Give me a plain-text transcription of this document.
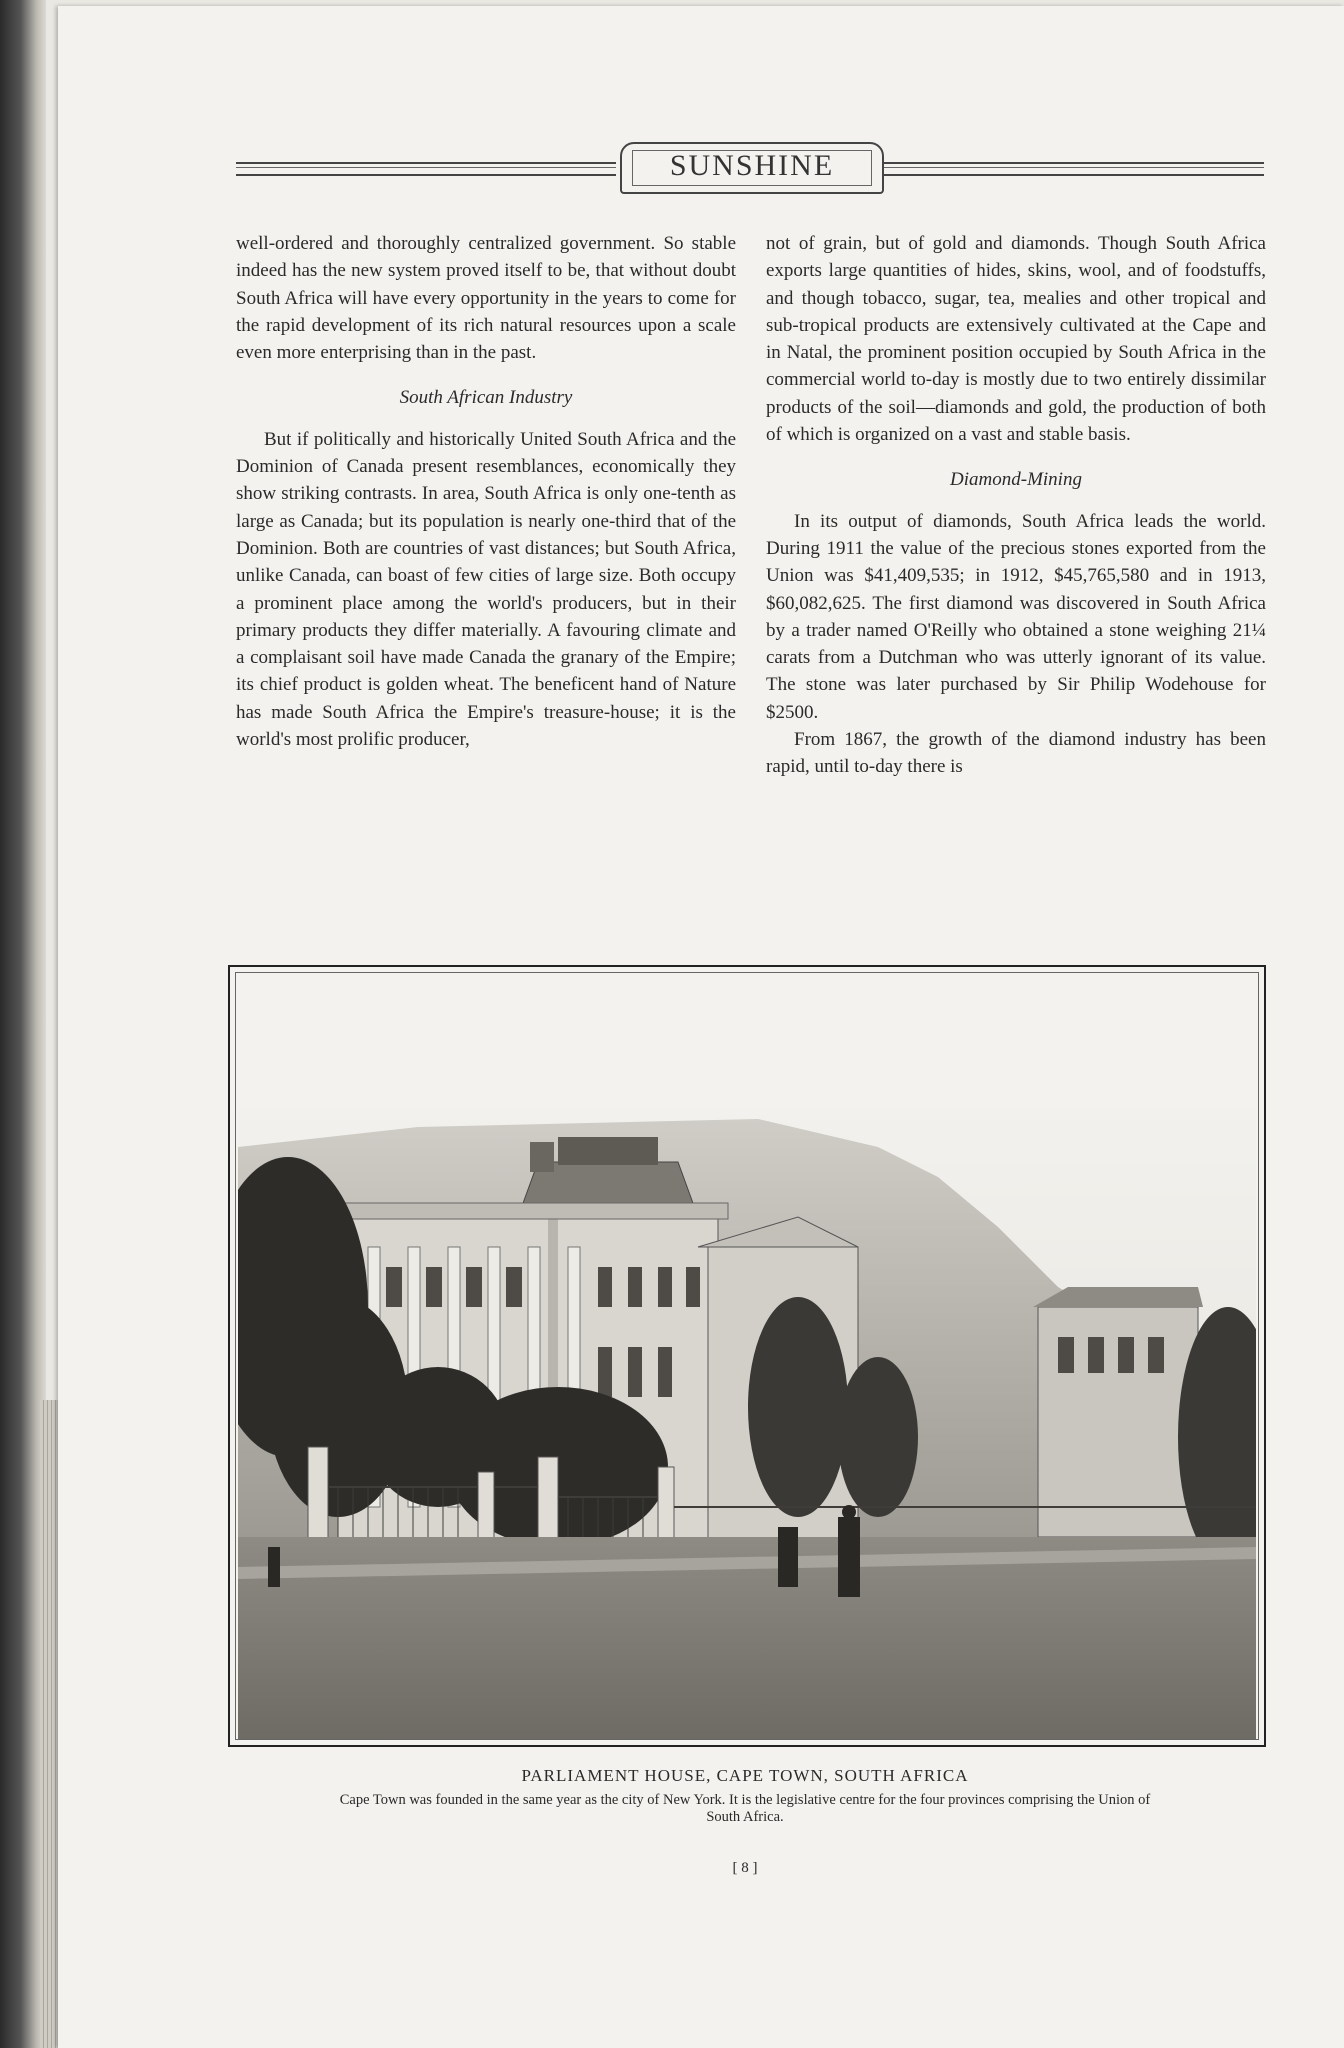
SUNSHINE

well-ordered and thoroughly centralized government. So stable indeed has the new system proved itself to be, that without doubt South Africa will have every opportunity in the years to come for the rapid development of its rich natural resources upon a scale even more enterprising than in the past.

South African Industry

But if politically and historically United South Africa and the Dominion of Canada present resemblances, economically they show striking contrasts. In area, South Africa is only one-tenth as large as Canada; but its population is nearly one-third that of the Dominion. Both are countries of vast distances; but South Africa, unlike Canada, can boast of few cities of large size. Both occupy a prominent place among the world's producers, but in their primary products they differ materially. A favouring climate and a complaisant soil have made Canada the granary of the Empire; its chief product is golden wheat. The beneficent hand of Nature has made South Africa the Empire's treasure-house; it is the world's most prolific producer,

not of grain, but of gold and diamonds. Though South Africa exports large quantities of hides, skins, wool, and of foodstuffs, and though tobacco, sugar, tea, mealies and other tropical and sub-tropical products are extensively cultivated at the Cape and in Natal, the prominent position occupied by South Africa in the commercial world to-day is mostly due to two entirely dissimilar products of the soil—diamonds and gold, the production of both of which is organized on a vast and stable basis.

Diamond-Mining

In its output of diamonds, South Africa leads the world. During 1911 the value of the precious stones exported from the Union was $41,409,535; in 1912, $45,765,580 and in 1913, $60,082,625. The first diamond was discovered in South Africa by a trader named O'Reilly who obtained a stone weighing 21¼ carats from a Dutchman who was utterly ignorant of its value. The stone was later purchased by Sir Philip Wodehouse for $2500.

From 1867, the growth of the diamond industry has been rapid, until to-day there is

PARLIAMENT HOUSE, CAPE TOWN, SOUTH AFRICA
Cape Town was founded in the same year as the city of New York. It is the legislative centre for the four provinces comprising the Union of South Africa.
[ 8 ]
